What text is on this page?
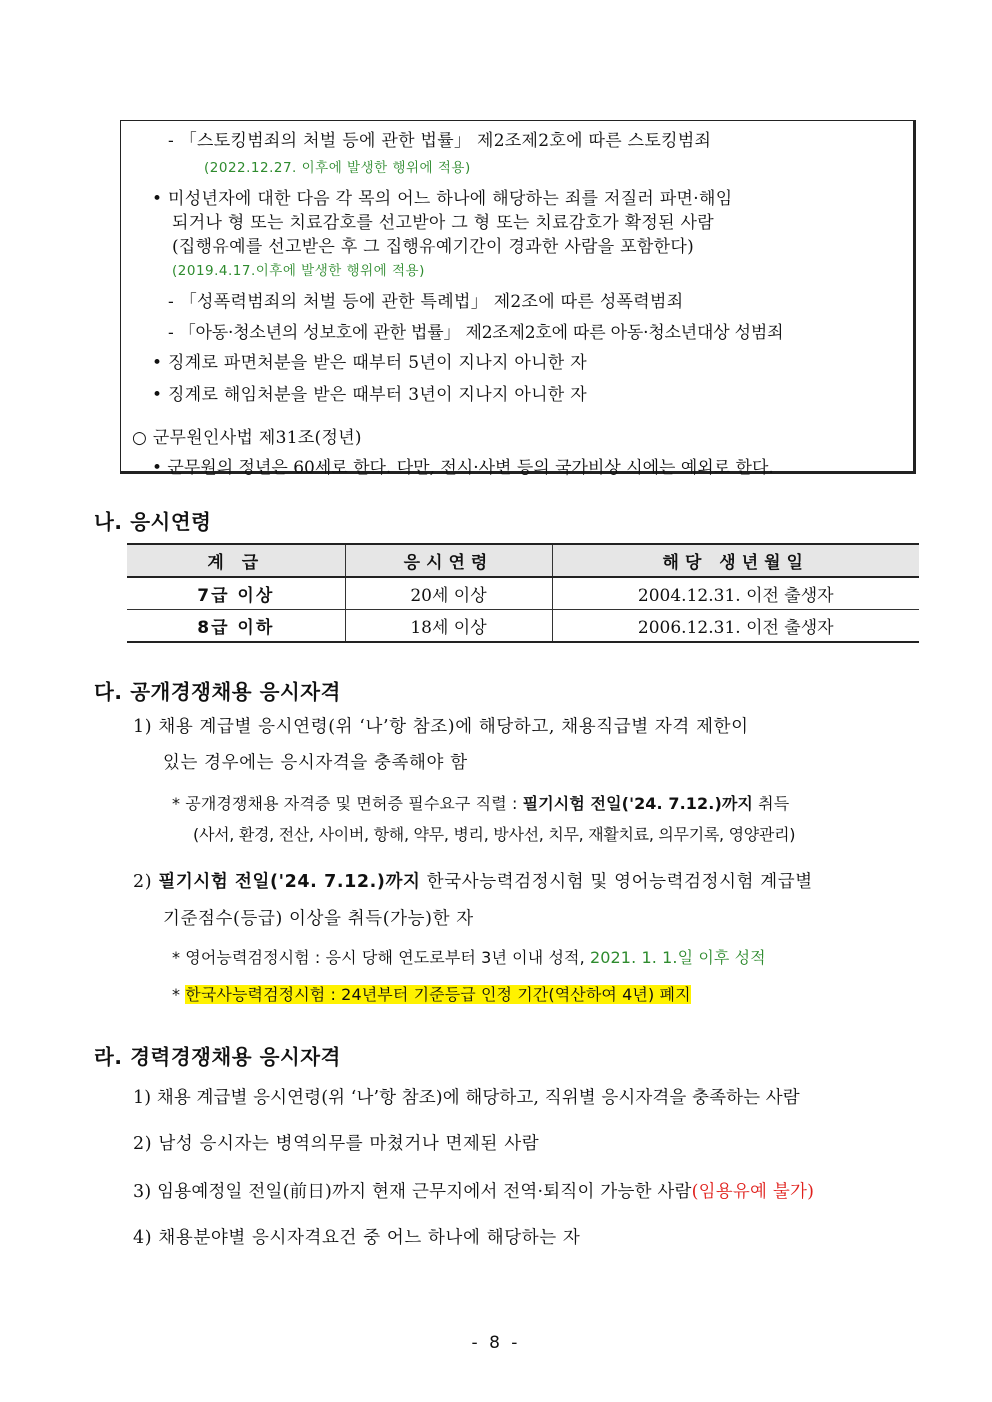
- 「스토킹범죄의 처벌 등에 관한 법률」 제2조제2호에 따른 스토킹범죄
(2022.12.27. 이후에 발생한 행위에 적용)
• 미성년자에 대한 다음 각 목의 어느 하나에 해당하는 죄를 저질러 파면·해임
되거나 형 또는 치료감호를 선고받아 그 형 또는 치료감호가 확정된 사람
(집행유예를 선고받은 후 그 집행유예기간이 경과한 사람을 포함한다)
(2019.4.17.이후에 발생한 행위에 적용)
- 「성폭력범죄의 처벌 등에 관한 특례법」 제2조에 따른 성폭력범죄
- 「아동·청소년의 성보호에 관한 법률」 제2조제2호에 따른 아동·청소년대상 성범죄
• 징계로 파면처분을 받은 때부터 5년이 지나지 아니한 자
• 징계로 해임처분을 받은 때부터 3년이 지나지 아니한 자
○ 군무원인사법 제31조(정년)
• 군무원의 정년은 60세로 한다. 다만, 전시·사변 등의 국가비상 시에는 예외로 한다.
나. 응시연령
계 급	응시연령	해당 생년월일
7급 이상	20세 이상	2004.12.31. 이전 출생자
8급 이하	18세 이상	2006.12.31. 이전 출생자
다. 공개경쟁채용 응시자격
1) 채용 계급별 응시연령(위 ‘나’항 참조)에 해당하고, 채용직급별 자격 제한이
있는 경우에는 응시자격을 충족해야 함
* 공개경쟁채용 자격증 및 면허증 필수요구 직렬 : 필기시험 전일('24. 7.12.)까지 취득
(사서, 환경, 전산, 사이버, 항해, 약무, 병리, 방사선, 치무, 재활치료, 의무기록, 영양관리)
2) 필기시험 전일('24. 7.12.)까지 한국사능력검정시험 및 영어능력검정시험 계급별
기준점수(등급) 이상을 취득(가능)한 자
* 영어능력검정시험 : 응시 당해 연도로부터 3년 이내 성적, 2021. 1. 1.일 이후 성적
* 한국사능력검정시험 : 24년부터 기준등급 인정 기간(역산하여 4년) 폐지
라. 경력경쟁채용 응시자격
1) 채용 계급별 응시연령(위 ‘나’항 참조)에 해당하고, 직위별 응시자격을 충족하는 사람
2) 남성 응시자는 병역의무를 마쳤거나 면제된 사람
3) 임용예정일 전일(前日)까지 현재 근무지에서 전역·퇴직이 가능한 사람(임용유예 불가)
4) 채용분야별 응시자격요건 중 어느 하나에 해당하는 자
- 8 -
